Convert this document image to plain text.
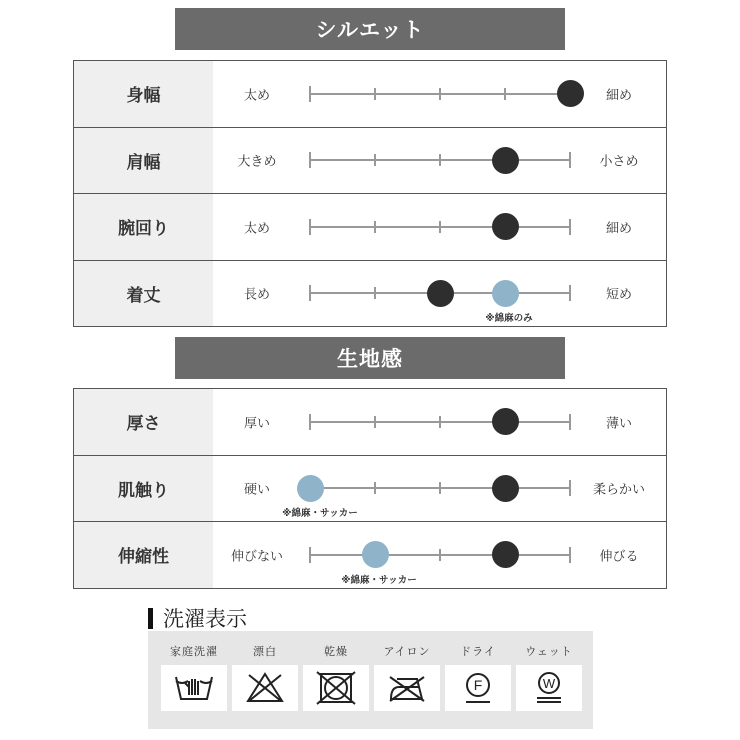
シルエット
身幅	太め	細め
肩幅	大きめ	小さめ
腕回り	太め	細め
着丈	長め	短め
※綿麻のみ
生地感
厚さ	厚い	薄い
肌触り	硬い	柔らかい
※綿麻・サッカー
伸縮性	伸びない	伸びる
※綿麻・サッカー
洗濯表示
家庭洗濯	漂白	乾燥	アイロン	ドライ
F
ウェット
W
